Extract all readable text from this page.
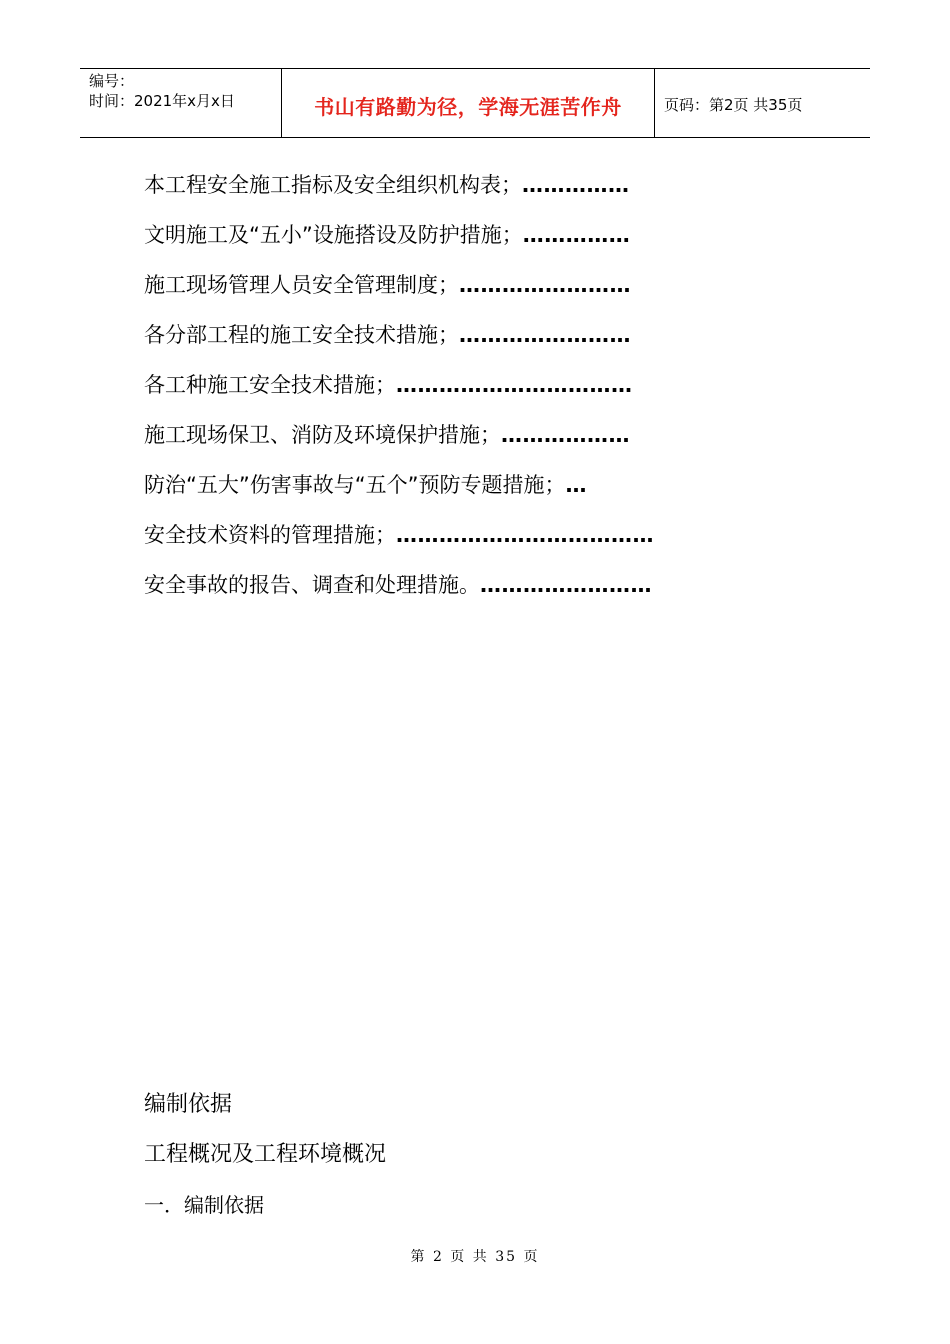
编号：
时间：2021年x月x日	书山有路勤为径，学海无涯苦作舟	页码：第2页 共35页
本工程安全施工指标及安全组织机构表；……………
文明施工及“五小”设施搭设及防护措施；……………
施工现场管理人员安全管理制度；……………………
各分部工程的施工安全技术措施；……………………
各工种施工安全技术措施；……………………………
施工现场保卫、消防及环境保护措施；………………
防治“五大”伤害事故与“五个”预防专题措施；…
安全技术资料的管理措施；………………………………
安全事故的报告、调查和处理措施。……………………
编制依据
工程概况及工程环境概况
一．编制依据
第 2 页 共 35 页
